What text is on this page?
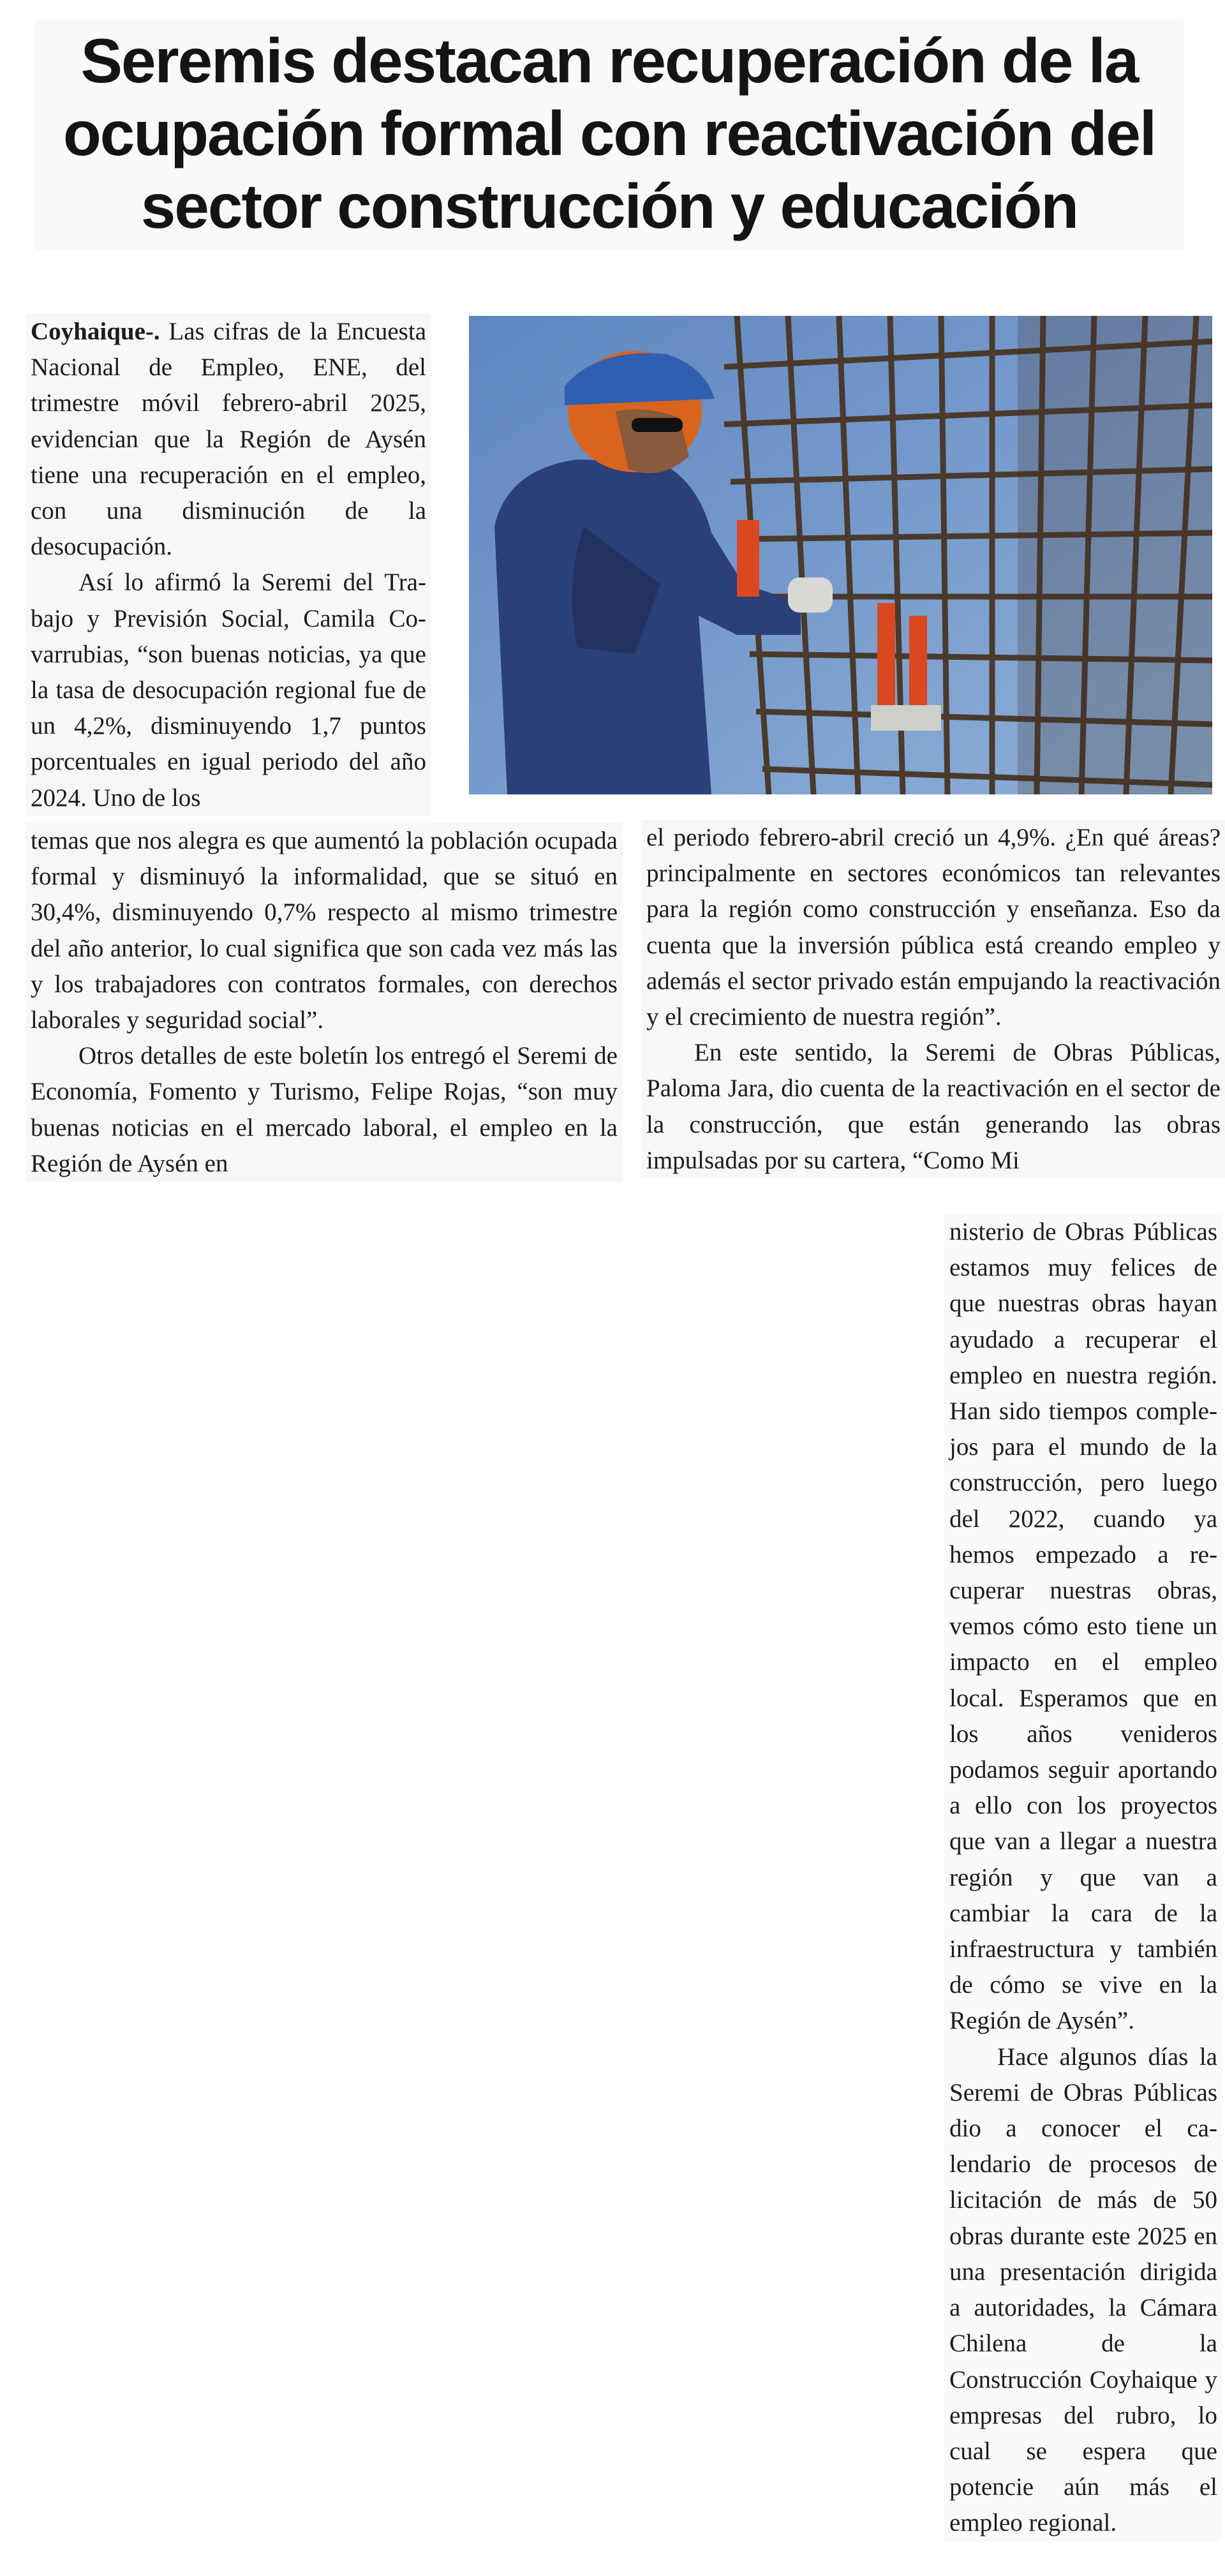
Seremis destacan recuperación de la
ocupación formal con reactivación del
sector construcción y educación

Coyhaique-. Las cifras de la Encuesta Nacional de Empleo, ENE, del trimestre móvil febrero-abril 2025, evidencian que la Región de Aysén tiene una recuperación en el empleo, con una disminución de la desocupación.

Así lo afirmó la Seremi del Trabajo y Previsión Social, Camila Covarrubias, “son buenas noticias, ya que la tasa de desocupación regional fue de un 4,2%, disminuyendo 1,7 puntos porcentuales en igual periodo del año 2024. Uno de los

temas que nos alegra es que aumentó la población ocupada formal y disminuyó la informalidad, que se situó en 30,4%, disminuyendo 0,7% respecto al mismo trimestre del año anterior, lo cual significa que son cada vez más las y los trabajadores con contratos formales, con derechos laborales y seguridad social”.

Otros detalles de este boletín los entregó el Seremi de Economía, Fomento y Turismo, Felipe Rojas, “son muy buenas noticias en el mercado laboral, el empleo en la Región de Aysén en

el periodo febrero-abril creció un 4,9%. ¿En qué áreas? principalmente en sectores económicos tan relevantes para la región como construcción y enseñanza. Eso da cuenta que la inversión pública está creando empleo y además el sector privado están empujando la reactivación y el crecimiento de nuestra región”.

En este sentido, la Seremi de Obras Públicas, Paloma Jara, dio cuenta de la reactivación en el sector de la construcción, que están generando las obras impulsadas por su cartera, “Como Mi

nisterio de Obras Públicas estamos muy felices de que nuestras obras hayan ayudado a recuperar el empleo en nuestra región. Han sido tiempos complejos para el mundo de la construcción, pero luego del 2022, cuando ya hemos empezado a recuperar nuestras obras, vemos cómo esto tiene un impacto en el empleo local. Esperamos que en los años venideros podamos seguir aportando a ello con los proyectos que van a llegar a nuestra región y que van a cambiar la cara de la infraestructura y también de cómo se vive en la Región de Aysén”.

Hace algunos días la Seremi de Obras Públicas dio a conocer el calendario de procesos de licitación de más de 50 obras durante este 2025 en una presentación dirigida a autoridades, la Cámara Chilena de la Construcción Coyhaique y empresas del rubro, lo cual se espera que potencie aún más el empleo regional.
